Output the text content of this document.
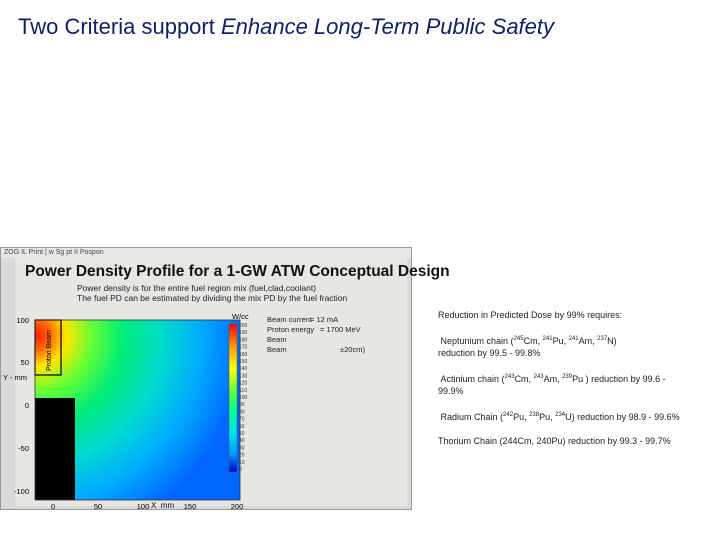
Two Criteria support Enhance Long-Term Public Safety
ZOG IL Print | w Sg pt II Pospon
Power Density Profile for a 1-GW ATW Conceptual Design
Power density is for the entire fuel region mix (fuel,clad,coolant)
The fuel PD can be estimated by dividing the mix PD by the fuel fraction
Proton Beam
100
50
0
-50
-100
Y - mm
0	50	100	150	200
W/cc
200
190
180
170
160
150
140
130
120
110
100
90
80
70
60
50
40
30
20
10
0
Beam current
= 12 mA
Proton energy = 1700 MeV
Beam
Beam	±20cm)
X mm

Reduction in Predicted Dose by 99% requires:

Neptunium chain ($^{245}$Cm, $^{241}$Pu, $^{241}$Am, $^{237}$N)
reduction by 99.5 - 99.8%

Actinium chain ($^{243}$Cm, $^{243}$Am, $^{239}$Pu ) reduction by 99.6 - 99.9%

Radium Chain ($^{242}$Pu, $^{238}$Pu, $^{234}$U) reduction by 98.9 - 99.6%

Thorium Chain (244Cm, 240Pu) reduction by 99.3 - 99.7%
